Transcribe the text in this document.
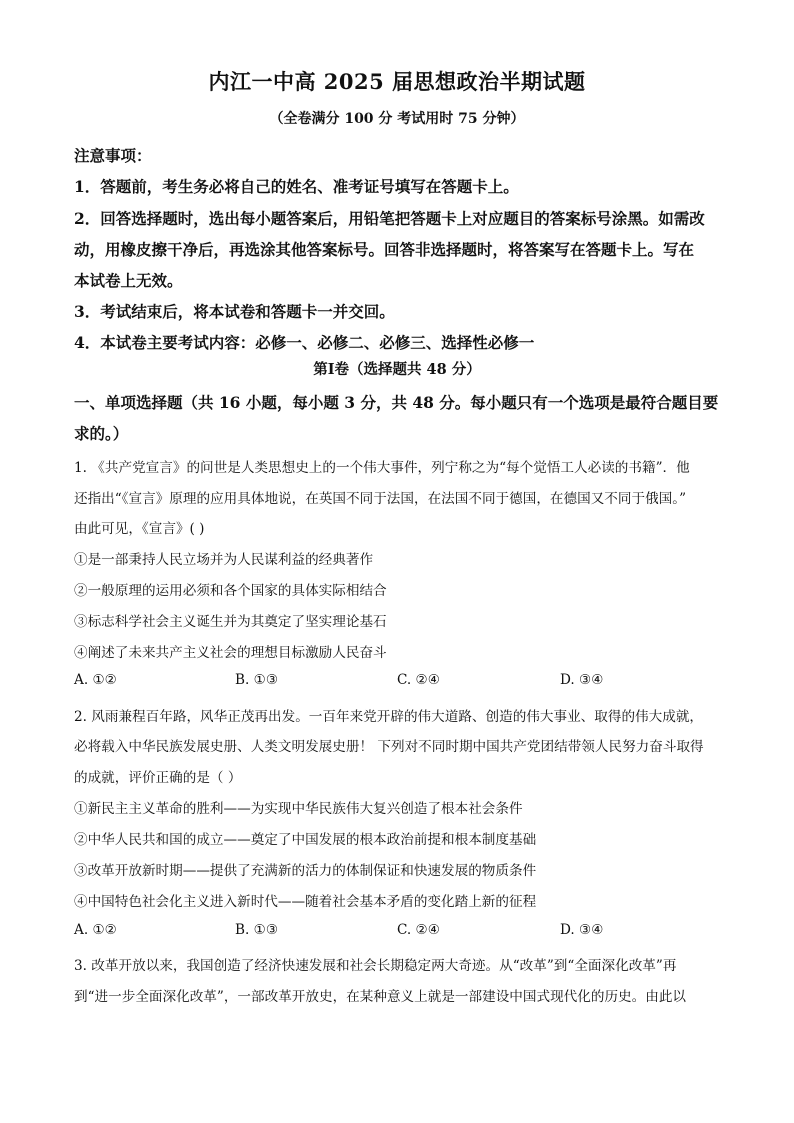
内江一中高 2025 届思想政治半期试题
（全卷满分 100 分 考试用时 75 分钟）
注意事项：
1．答题前，考生务必将自己的姓名、准考证号填写在答题卡上。
2．回答选择题时，选出每小题答案后，用铅笔把答题卡上对应题目的答案标号涂黑。如需改
动，用橡皮擦干净后，再选涂其他答案标号。回答非选择题时，将答案写在答题卡上。写在
本试卷上无效。
3．考试结束后，将本试卷和答题卡一并交回。
4．本试卷主要考试内容：必修一、必修二、必修三、选择性必修一
第Ⅰ卷（选择题共 48 分）
一、单项选择题（共 16 小题，每小题 3 分，共 48 分。每小题只有一个选项是最符合题目要
求的。）
1. 《共产党宣言》的问世是人类思想史上的一个伟大事件，列宁称之为“每个觉悟工人必读的书籍”．他
还指出“《宣言》原理的应用具体地说，在英国不同于法国，在法国不同于德国，在德国又不同于俄国。”
由此可见，《宣言》( )
①是一部秉持人民立场并为人民谋利益的经典著作
②一般原理的运用必须和各个国家的具体实际相结合
③标志科学社会主义诞生并为其奠定了坚实理论基石
④阐述了未来共产主义社会的理想目标激励人民奋斗
A. ①②	B. ①③	C. ②④	D. ③④
2. 风雨兼程百年路，风华正茂再出发。一百年来党开辟的伟大道路、创造的伟大事业、取得的伟大成就，
必将载入中华民族发展史册、人类文明发展史册！ 下列对不同时期中国共产党团结带领人民努力奋斗取得
的成就，评价正确的是（ ）
①新民主主义革命的胜利——为实现中华民族伟大复兴创造了根本社会条件
②中华人民共和国的成立——奠定了中国发展的根本政治前提和根本制度基础
③改革开放新时期——提供了充满新的活力的体制保证和快速发展的物质条件
④中国特色社会化主义进入新时代——随着社会基本矛盾的变化踏上新的征程
A. ①②	B. ①③	C. ②④	D. ③④
3. 改革开放以来，我国创造了经济快速发展和社会长期稳定两大奇迹。从“改革”到“全面深化改革”再
到“进一步全面深化改革”，一部改革开放史，在某种意义上就是一部建设中国式现代化的历史。由此以
